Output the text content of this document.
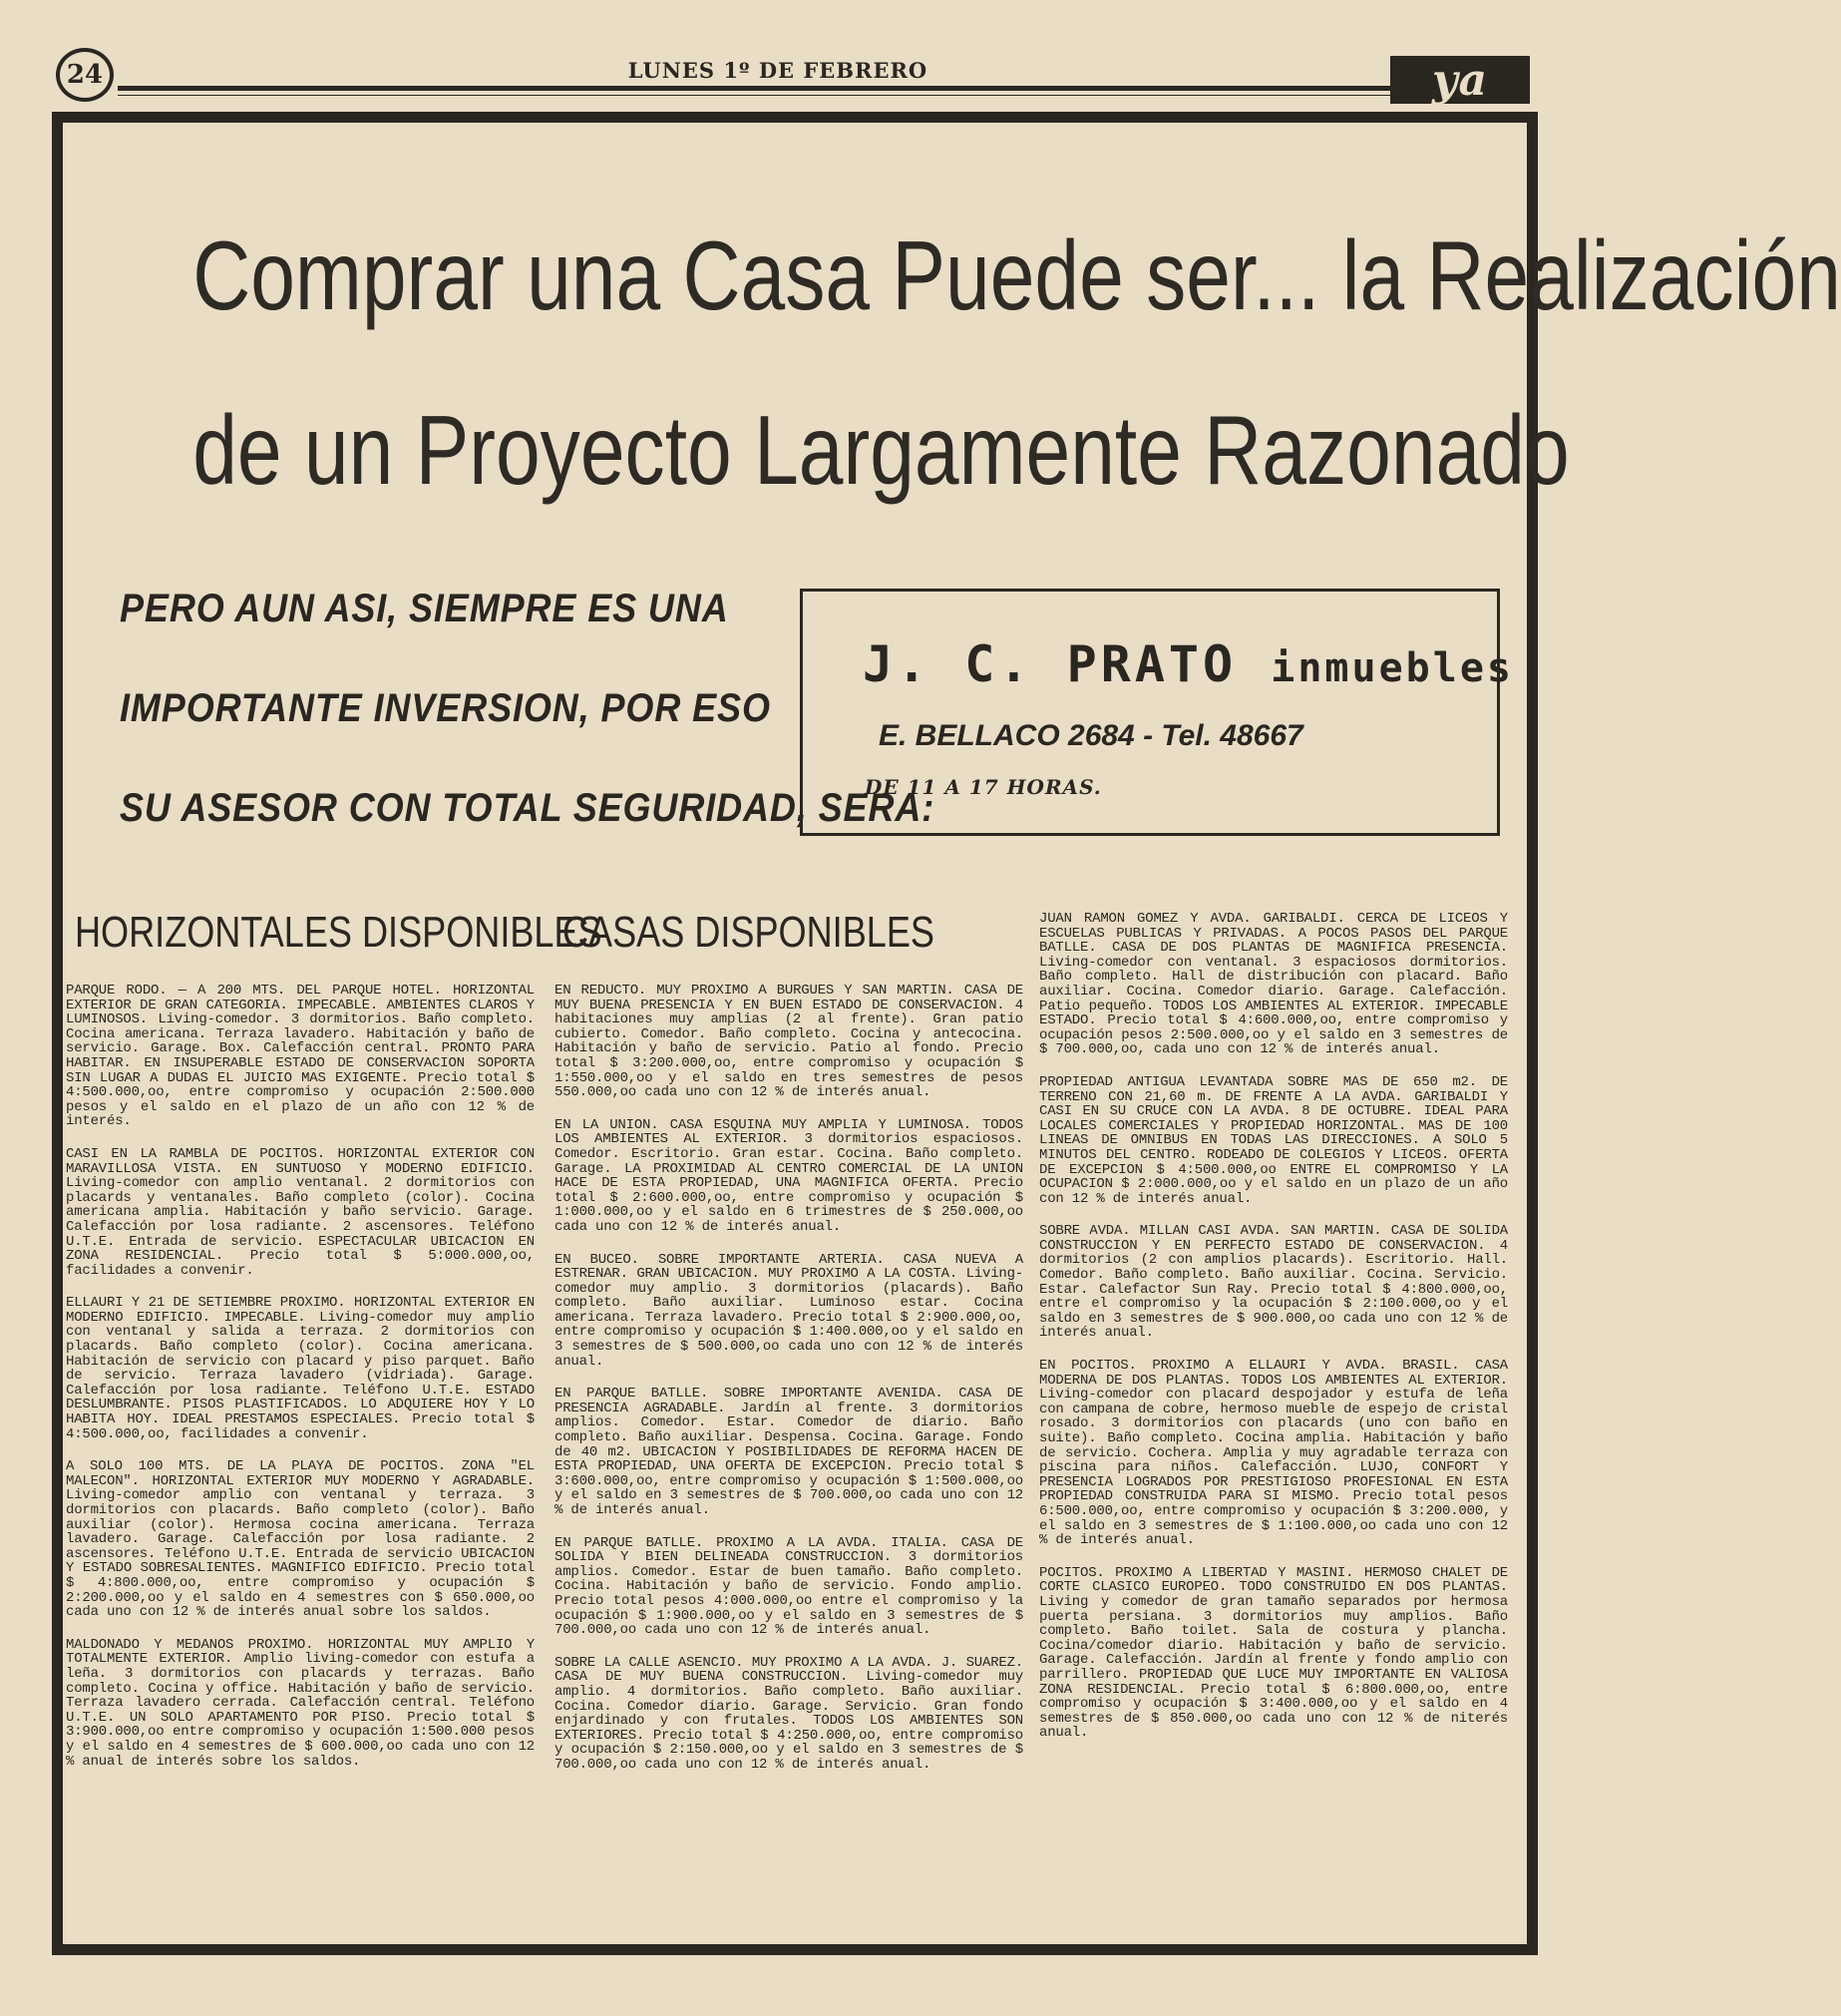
24	LUNES 1º DE FEBRERO	ya
Comprar una Casa Puede ser... la Realización
de un Proyecto Largamente Razonado
PERO AUN ASI, SIEMPRE ES UNA
IMPORTANTE INVERSION, POR ESO
SU ASESOR CON TOTAL SEGURIDAD, SERA:
J. C. PRATO inmuebles
E. BELLACO 2684 - Tel. 48667
DE 11 A 17 HORAS.
HORIZONTALES DISPONIBLES
CASAS DISPONIBLES

PARQUE RODO. — A 200 MTS. DEL PARQUE HOTEL. HORIZONTAL EXTERIOR DE GRAN CATEGORIA. IMPECABLE. AMBIENTES CLAROS Y LUMINOSOS. Living-comedor. 3 dormitorios. Baño completo. Cocina americana. Terraza lavadero. Habitación y baño de servicio. Garage. Box. Calefacción central. PRONTO PARA HABITAR. EN INSUPERABLE ESTADO DE CONSERVACION SOPORTA SIN LUGAR A DUDAS EL JUICIO MAS EXIGENTE. Precio total $ 4:500.000,oo, entre compromiso y ocupación 2:500.000 pesos y el saldo en el plazo de un año con 12 % de interés.

CASI EN LA RAMBLA DE POCITOS. HORIZONTAL EXTERIOR CON MARAVILLOSA VISTA. EN SUNTUOSO Y MODERNO EDIFICIO. Living-comedor con amplio ventanal. 2 dormitorios con placards y ventanales. Baño completo (color). Cocina americana amplia. Habitación y baño servicio. Garage. Calefacción por losa radiante. 2 ascensores. Teléfono U.T.E. Entrada de servicio. ESPECTACULAR UBICACION EN ZONA RESIDENCIAL. Precio total $ 5:000.000,oo, facilidades a convenir.

ELLAURI Y 21 DE SETIEMBRE PROXIMO. HORIZONTAL EXTERIOR EN MODERNO EDIFICIO. IMPECABLE. Living-comedor muy amplio con ventanal y salida a terraza. 2 dormitorios con placards. Baño completo (color). Cocina americana. Habitación de servicio con placard y piso parquet. Baño de servicio. Terraza lavadero (vidriada). Garage. Calefacción por losa radiante. Teléfono U.T.E. ESTADO DESLUMBRANTE. PISOS PLASTIFICADOS. LO ADQUIERE HOY Y LO HABITA HOY. IDEAL PRESTAMOS ESPECIALES. Precio total $ 4:500.000,oo, facilidades a convenir.

A SOLO 100 MTS. DE LA PLAYA DE POCITOS. ZONA "EL MALECON". HORIZONTAL EXTERIOR MUY MODERNO Y AGRADABLE. Living-comedor amplio con ventanal y terraza. 3 dormitorios con placards. Baño completo (color). Baño auxiliar (color). Hermosa cocina americana. Terraza lavadero. Garage. Calefacción por losa radiante. 2 ascensores. Teléfono U.T.E. Entrada de servicio UBICACION Y ESTADO SOBRESALIENTES. MAGNIFICO EDIFICIO. Precio total $ 4:800.000,oo, entre compromiso y ocupación $ 2:200.000,oo y el saldo en 4 semestres con $ 650.000,oo cada uno con 12 % de interés anual sobre los saldos.

MALDONADO Y MEDANOS PROXIMO. HORIZONTAL MUY AMPLIO Y TOTALMENTE EXTERIOR. Amplio living-comedor con estufa a leña. 3 dormitorios con placards y terrazas. Baño completo. Cocina y office. Habitación y baño de servicio. Terraza lavadero cerrada. Calefacción central. Teléfono U.T.E. UN SOLO APARTAMENTO POR PISO. Precio total $ 3:900.000,oo entre compromiso y ocupación 1:500.000 pesos y el saldo en 4 semestres de $ 600.000,oo cada uno con 12 % anual de interés sobre los saldos.

EN REDUCTO. MUY PROXIMO A BURGUES Y SAN MARTIN. CASA DE MUY BUENA PRESENCIA Y EN BUEN ESTADO DE CONSERVACION. 4 habitaciones muy amplias (2 al frente). Gran patio cubierto. Comedor. Baño completo. Cocina y antecocina. Habitación y baño de servicio. Patio al fondo. Precio total $ 3:200.000,oo, entre compromiso y ocupación $ 1:550.000,oo y el saldo en tres semestres de pesos 550.000,oo cada uno con 12 % de interés anual.

EN LA UNION. CASA ESQUINA MUY AMPLIA Y LUMINOSA. TODOS LOS AMBIENTES AL EXTERIOR. 3 dormitorios espaciosos. Comedor. Escritorio. Gran estar. Cocina. Baño completo. Garage. LA PROXIMIDAD AL CENTRO COMERCIAL DE LA UNION HACE DE ESTA PROPIEDAD, UNA MAGNIFICA OFERTA. Precio total $ 2:600.000,oo, entre compromiso y ocupación $ 1:000.000,oo y el saldo en 6 trimestres de $ 250.000,oo cada uno con 12 % de interés anual.

EN BUCEO. SOBRE IMPORTANTE ARTERIA. CASA NUEVA A ESTRENAR. GRAN UBICACION. MUY PROXIMO A LA COSTA. Living-comedor muy amplio. 3 dormitorios (placards). Baño completo. Baño auxiliar. Luminoso estar. Cocina americana. Terraza lavadero. Precio total $ 2:900.000,oo, entre compromiso y ocupación $ 1:400.000,oo y el saldo en 3 semestres de $ 500.000,oo cada uno con 12 % de interés anual.

EN PARQUE BATLLE. SOBRE IMPORTANTE AVENIDA. CASA DE PRESENCIA AGRADABLE. Jardín al frente. 3 dormitorios amplios. Comedor. Estar. Comedor de diario. Baño completo. Baño auxiliar. Despensa. Cocina. Garage. Fondo de 40 m2. UBICACION Y POSIBILIDADES DE REFORMA HACEN DE ESTA PROPIEDAD, UNA OFERTA DE EXCEPCION. Precio total $ 3:600.000,oo, entre compromiso y ocupación $ 1:500.000,oo y el saldo en 3 semestres de $ 700.000,oo cada uno con 12 % de interés anual.

EN PARQUE BATLLE. PROXIMO A LA AVDA. ITALIA. CASA DE SOLIDA Y BIEN DELINEADA CONSTRUCCION. 3 dormitorios amplios. Comedor. Estar de buen tamaño. Baño completo. Cocina. Habitación y baño de servicio. Fondo amplio. Precio total pesos 4:000.000,oo entre el compromiso y la ocupación $ 1:900.000,oo y el saldo en 3 semestres de $ 700.000,oo cada uno con 12 % de interés anual.

SOBRE LA CALLE ASENCIO. MUY PROXIMO A LA AVDA. J. SUAREZ. CASA DE MUY BUENA CONSTRUCCION. Living-comedor muy amplio. 4 dormitorios. Baño completo. Baño auxiliar. Cocina. Comedor diario. Garage. Servicio. Gran fondo enjardinado y con frutales. TODOS LOS AMBIENTES SON EXTERIORES. Precio total $ 4:250.000,oo, entre compromiso y ocupación $ 2:150.000,oo y el saldo en 3 semestres de $ 700.000,oo cada uno con 12 % de interés anual.

JUAN RAMON GOMEZ Y AVDA. GARIBALDI. CERCA DE LICEOS Y ESCUELAS PUBLICAS Y PRIVADAS. A POCOS PASOS DEL PARQUE BATLLE. CASA DE DOS PLANTAS DE MAGNIFICA PRESENCIA. Living-comedor con ventanal. 3 espaciosos dormitorios. Baño completo. Hall de distribución con placard. Baño auxiliar. Cocina. Comedor diario. Garage. Calefacción. Patio pequeño. TODOS LOS AMBIENTES AL EXTERIOR. IMPECABLE ESTADO. Precio total $ 4:600.000,oo, entre compromiso y ocupación pesos 2:500.000,oo y el saldo en 3 semestres de $ 700.000,oo, cada uno con 12 % de interés anual.

PROPIEDAD ANTIGUA LEVANTADA SOBRE MAS DE 650 m2. DE TERRENO CON 21,60 m. DE FRENTE A LA AVDA. GARIBALDI Y CASI EN SU CRUCE CON LA AVDA. 8 DE OCTUBRE. IDEAL PARA LOCALES COMERCIALES Y PROPIEDAD HORIZONTAL. MAS DE 100 LINEAS DE OMNIBUS EN TODAS LAS DIRECCIONES. A SOLO 5 MINUTOS DEL CENTRO. RODEADO DE COLEGIOS Y LICEOS. OFERTA DE EXCEPCION $ 4:500.000,oo ENTRE EL COMPROMISO Y LA OCUPACION $ 2:000.000,oo y el saldo en un plazo de un año con 12 % de interés anual.

SOBRE AVDA. MILLAN CASI AVDA. SAN MARTIN. CASA DE SOLIDA CONSTRUCCION Y EN PERFECTO ESTADO DE CONSERVACION. 4 dormitorios (2 con amplios placards). Escritorio. Hall. Comedor. Baño completo. Baño auxiliar. Cocina. Servicio. Estar. Calefactor Sun Ray. Precio total $ 4:800.000,oo, entre el compromiso y la ocupación $ 2:100.000,oo y el saldo en 3 semestres de $ 900.000,oo cada uno con 12 % de interés anual.

EN POCITOS. PROXIMO A ELLAURI Y AVDA. BRASIL. CASA MODERNA DE DOS PLANTAS. TODOS LOS AMBIENTES AL EXTERIOR. Living-comedor con placard despojador y estufa de leña con campana de cobre, hermoso mueble de espejo de cristal rosado. 3 dormitorios con placards (uno con baño en suite). Baño completo. Cocina amplia. Habitación y baño de servicio. Cochera. Amplia y muy agradable terraza con piscina para niños. Calefacción. LUJO, CONFORT Y PRESENCIA LOGRADOS POR PRESTIGIOSO PROFESIONAL EN ESTA PROPIEDAD CONSTRUIDA PARA SI MISMO. Precio total pesos 6:500.000,oo, entre compromiso y ocupación $ 3:200.000, y el saldo en 3 semestres de $ 1:100.000,oo cada uno con 12 % de interés anual.

POCITOS. PROXIMO A LIBERTAD Y MASINI. HERMOSO CHALET DE CORTE CLASICO EUROPEO. TODO CONSTRUIDO EN DOS PLANTAS. Living y comedor de gran tamaño separados por hermosa puerta persiana. 3 dormitorios muy amplios. Baño completo. Baño toilet. Sala de costura y plancha. Cocina/comedor diario. Habitación y baño de servicio. Garage. Calefacción. Jardín al frente y fondo amplio con parrillero. PROPIEDAD QUE LUCE MUY IMPORTANTE EN VALIOSA ZONA RESIDENCIAL. Precio total $ 6:800.000,oo, entre compromiso y ocupación $ 3:400.000,oo y el saldo en 4 semestres de $ 850.000,oo cada uno con 12 % de niterés anual.
